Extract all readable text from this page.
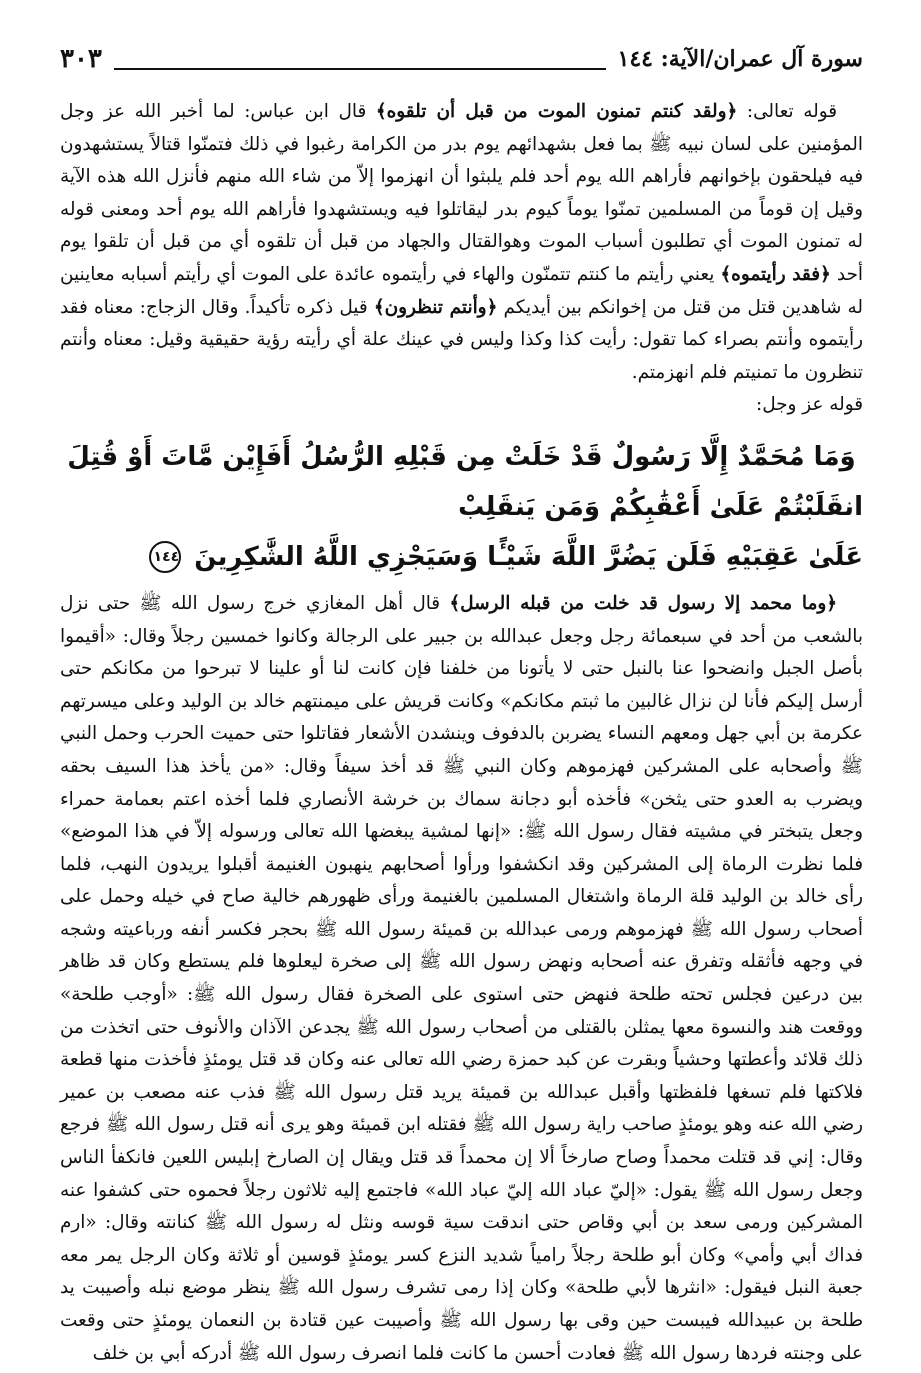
سورة آل عمران/الآية: ١٤٤
٣٠٣

قوله تعالى: ﴿ولقد كنتم تمنون الموت من قبل أن تلقوه﴾ قال ابن عباس: لما أخبر الله عز وجل المؤمنين على لسان نبيه ﷺ بما فعل بشهدائهم يوم بدر من الكرامة رغبوا في ذلك فتمنّوا قتالاً يستشهدون فيه فيلحقون بإخوانهم فأراهم الله يوم أحد فلم يلبثوا أن انهزموا إلاّ من شاء الله منهم فأنزل الله هذه الآية وقيل إن قوماً من المسلمين تمنّوا يوماً كيوم بدر ليقاتلوا فيه ويستشهدوا فأراهم الله يوم أحد ومعنى قوله له تمنون الموت أي تطلبون أسباب الموت وهوالقتال والجهاد من قبل أن تلقوه أي من قبل أن تلقوا يوم أحد ﴿فقد رأيتموه﴾ يعني رأيتم ما كنتم تتمنّون والهاء في رأيتموه عائدة على الموت أي رأيتم أسبابه معاينين له شاهدين قتل من قتل من إخوانكم بين أيديكم ﴿وأنتم تنظرون﴾ قيل ذكره تأكيداً. وقال الزجاج: معناه فقد رأيتموه وأنتم بصراء كما تقول: رأيت كذا وكذا وليس في عينك علة أي رأيته رؤية حقيقية وقيل: معناه وأنتم تنظرون ما تمنيتم فلم انهزمتم.

قوله عز وجل:

وَمَا مُحَمَّدٌ إِلَّا رَسُولٌ قَدْ خَلَتْ مِن قَبْلِهِ الرُّسُلُ أَفَإِيْن مَّاتَ أَوْ قُتِلَ انقَلَبْتُمْ عَلَىٰ أَعْقَٰبِكُمْ وَمَن يَنقَلِبْ
عَلَىٰ عَقِبَيْهِ فَلَن يَضُرَّ اللَّهَ شَيْـًٔا وَسَيَجْزِي اللَّهُ الشَّٰكِرِينَ ١٤٤

﴿وما محمد إلا رسول قد خلت من قبله الرسل﴾ قال أهل المغازي خرج رسول الله ﷺ حتى نزل بالشعب من أحد في سبعمائة رجل وجعل عبدالله بن جبير على الرجالة وكانوا خمسين رجلاً وقال: «أقيموا بأصل الجبل وانضحوا عنا بالنبل حتى لا يأتونا من خلفنا فإن كانت لنا أو علينا لا تبرحوا من مكانكم حتى أرسل إليكم فأنا لن نزال غالبين ما ثبتم مكانكم» وكانت قريش على ميمنتهم خالد بن الوليد وعلى ميسرتهم عكرمة بن أبي جهل ومعهم النساء يضربن بالدفوف وينشدن الأشعار فقاتلوا حتى حميت الحرب وحمل النبي ﷺ وأصحابه على المشركين فهزموهم وكان النبي ﷺ قد أخذ سيفاً وقال: «من يأخذ هذا السيف بحقه ويضرب به العدو حتى يثخن» فأخذه أبو دجانة سماك بن خرشة الأنصاري فلما أخذه اعتم بعمامة حمراء وجعل يتبختر في مشيته فقال رسول الله ﷺ: «إنها لمشية يبغضها الله تعالى ورسوله إلاّ في هذا الموضع» فلما نظرت الرماة إلى المشركين وقد انكشفوا ورأوا أصحابهم ينهبون الغنيمة أقبلوا يريدون النهب، فلما رأى خالد بن الوليد قلة الرماة واشتغال المسلمين بالغنيمة ورأى ظهورهم خالية صاح في خيله وحمل على أصحاب رسول الله ﷺ فهزموهم ورمى عبدالله بن قميئة رسول الله ﷺ بحجر فكسر أنفه ورباعيته وشجه في وجهه فأثقله وتفرق عنه أصحابه ونهض رسول الله ﷺ إلى صخرة ليعلوها فلم يستطع وكان قد ظاهر بين درعين فجلس تحته طلحة فنهض حتى استوى على الصخرة فقال رسول الله ﷺ: «أوجب طلحة» ووقعت هند والنسوة معها يمثلن بالقتلى من أصحاب رسول الله ﷺ يجدعن الآذان والأنوف حتى اتخذت من ذلك قلائد وأعطتها وحشياً وبقرت عن كبد حمزة رضي الله تعالى عنه وكان قد قتل يومئذٍ فأخذت منها قطعة فلاكتها فلم تسغها فلفظتها وأقبل عبدالله بن قميئة يريد قتل رسول الله ﷺ فذب عنه مصعب بن عمير رضي الله عنه وهو يومئذٍ صاحب راية رسول الله ﷺ فقتله ابن قميئة وهو يرى أنه قتل رسول الله ﷺ فرجع وقال: إني قد قتلت محمداً وصاح صارخاً ألا إن محمداً قد قتل ويقال إن الصارخ إبليس اللعين فانكفأ الناس وجعل رسول الله ﷺ يقول: «إليّ عباد الله إليّ عباد الله» فاجتمع إليه ثلاثون رجلاً فحموه حتى كشفوا عنه المشركين ورمى سعد بن أبي وقاص حتى اندقت سية قوسه ونثل له رسول الله ﷺ كنانته وقال: «ارم فداك أبي وأمي» وكان أبو طلحة رجلاً رامياً شديد النزع كسر يومئذٍ قوسين أو ثلاثة وكان الرجل يمر معه جعبة النبل فيقول: «انثرها لأبي طلحة» وكان إذا رمى تشرف رسول الله ﷺ ينظر موضع نبله وأصيبت يد طلحة بن عبيدالله فيبست حين وقى بها رسول الله ﷺ وأصيبت عين قتادة بن النعمان يومئذٍ حتى وقعت على وجنته فردها رسول الله ﷺ فعادت أحسن ما كانت فلما انصرف رسول الله ﷺ أدركه أبي بن خلف
